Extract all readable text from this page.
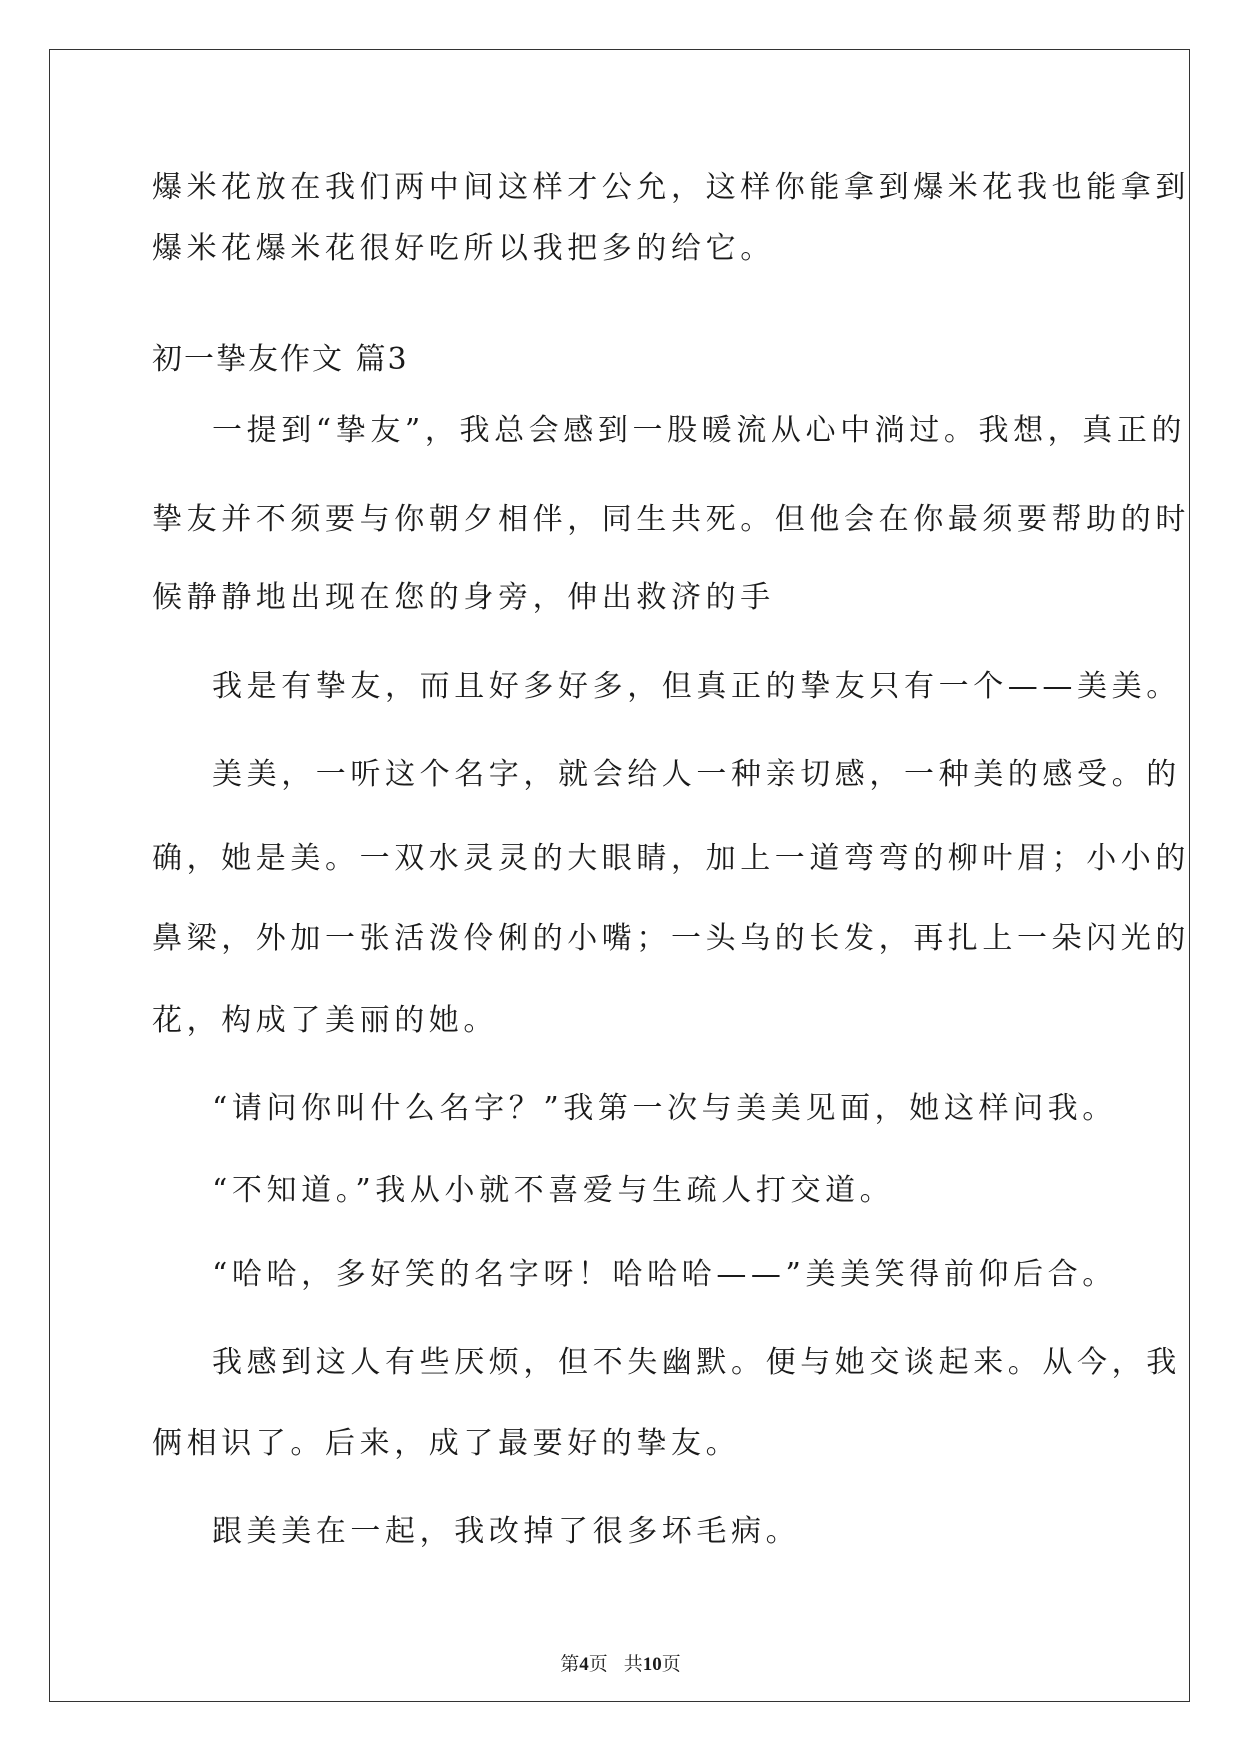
爆米花放在我们两中间这样才公允，这样你能拿到爆米花我也能拿到
爆米花爆米花很好吃所以我把多的给它。
初一挚友作文 篇3
一提到“挚友”，我总会感到一股暖流从心中淌过。我想，真正的
挚友并不须要与你朝夕相伴，同生共死。但他会在你最须要帮助的时
候静静地出现在您的身旁，伸出救济的手
我是有挚友，而且好多好多，但真正的挚友只有一个——美美。
美美，一听这个名字，就会给人一种亲切感，一种美的感受。的
确，她是美。一双水灵灵的大眼睛，加上一道弯弯的柳叶眉；小小的
鼻梁，外加一张活泼伶俐的小嘴；一头乌的长发，再扎上一朵闪光的
花，构成了美丽的她。
“请问你叫什么名字？”我第一次与美美见面，她这样问我。
“不知道。”我从小就不喜爱与生疏人打交道。
“哈哈，多好笑的名字呀！哈哈哈——”美美笑得前仰后合。
我感到这人有些厌烦，但不失幽默。便与她交谈起来。从今，我
俩相识了。后来，成了最要好的挚友。
跟美美在一起，我改掉了很多坏毛病。
第4页 共10页
